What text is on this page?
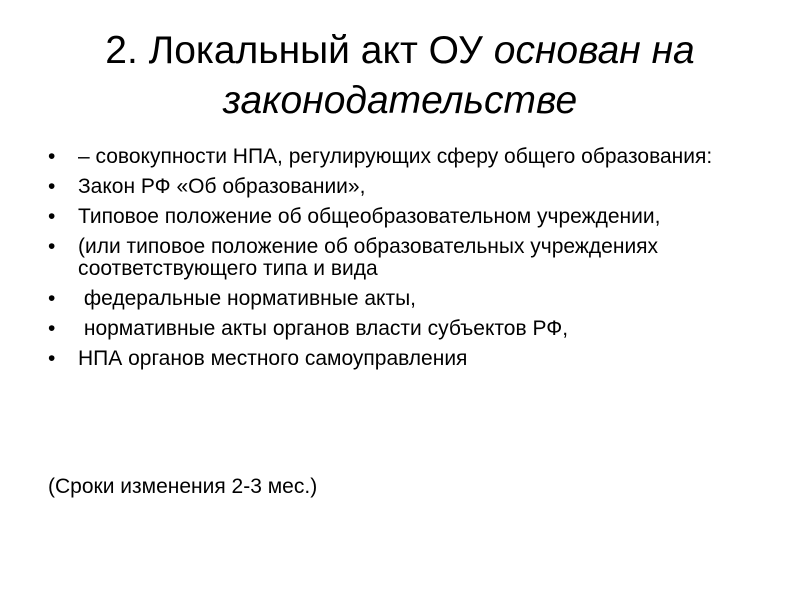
2. Локальный акт ОУ основан на законодательстве
•	– совокупности НПА, регулирующих сферу общего образования:
•	Закон РФ «Об образовании»,
•	Типовое положение об общеобразовательном учреждении,
•	(или типовое положение об образовательных учреждениях соответствующего типа и вида
•	федеральные нормативные акты,
•	нормативные акты органов власти субъектов РФ,
•	НПА органов местного самоуправления

(Сроки изменения 2-3 мес.)
